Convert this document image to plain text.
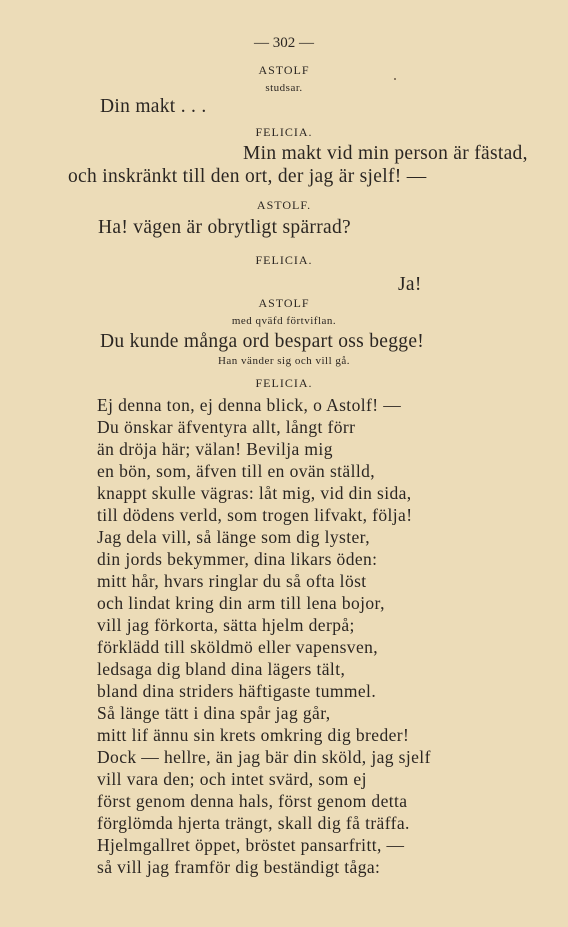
— 302 —
ASTOLF
studsar.
Din makt . . .
FELICIA.
Min makt vid min person är fästad,
och inskränkt till den ort, der jag är sjelf! —
ASTOLF.
Ha! vägen är obrytligt spärrad?
FELICIA.
Ja!
ASTOLF
med qväfd förtviflan.
Du kunde många ord bespart oss begge!
Han vänder sig och vill gå.
FELICIA.
Ej denna ton, ej denna blick, o Astolf! —
Du önskar äfventyra allt, långt förr
än dröja här; välan! Bevilja mig
en bön, som, äfven till en ovän ställd,
knappt skulle vägras: låt mig, vid din sida,
till dödens verld, som trogen lifvakt, följa!
Jag dela vill, så länge som dig lyster,
din jords bekymmer, dina likars öden:
mitt hår, hvars ringlar du så ofta löst
och lindat kring din arm till lena bojor,
vill jag förkorta, sätta hjelm derpå;
förklädd till sköldmö eller vapensven,
ledsaga dig bland dina lägers tält,
bland dina striders häftigaste tummel.
Så länge tätt i dina spår jag går,
mitt lif ännu sin krets omkring dig breder!
Dock — hellre, än jag bär din sköld, jag sjelf
vill vara den; och intet svärd, som ej
först genom denna hals, först genom detta
förglömda hjerta trängt, skall dig få träffa.
Hjelmgallret öppet, bröstet pansarfritt, —
så vill jag framför dig beständigt tåga:
